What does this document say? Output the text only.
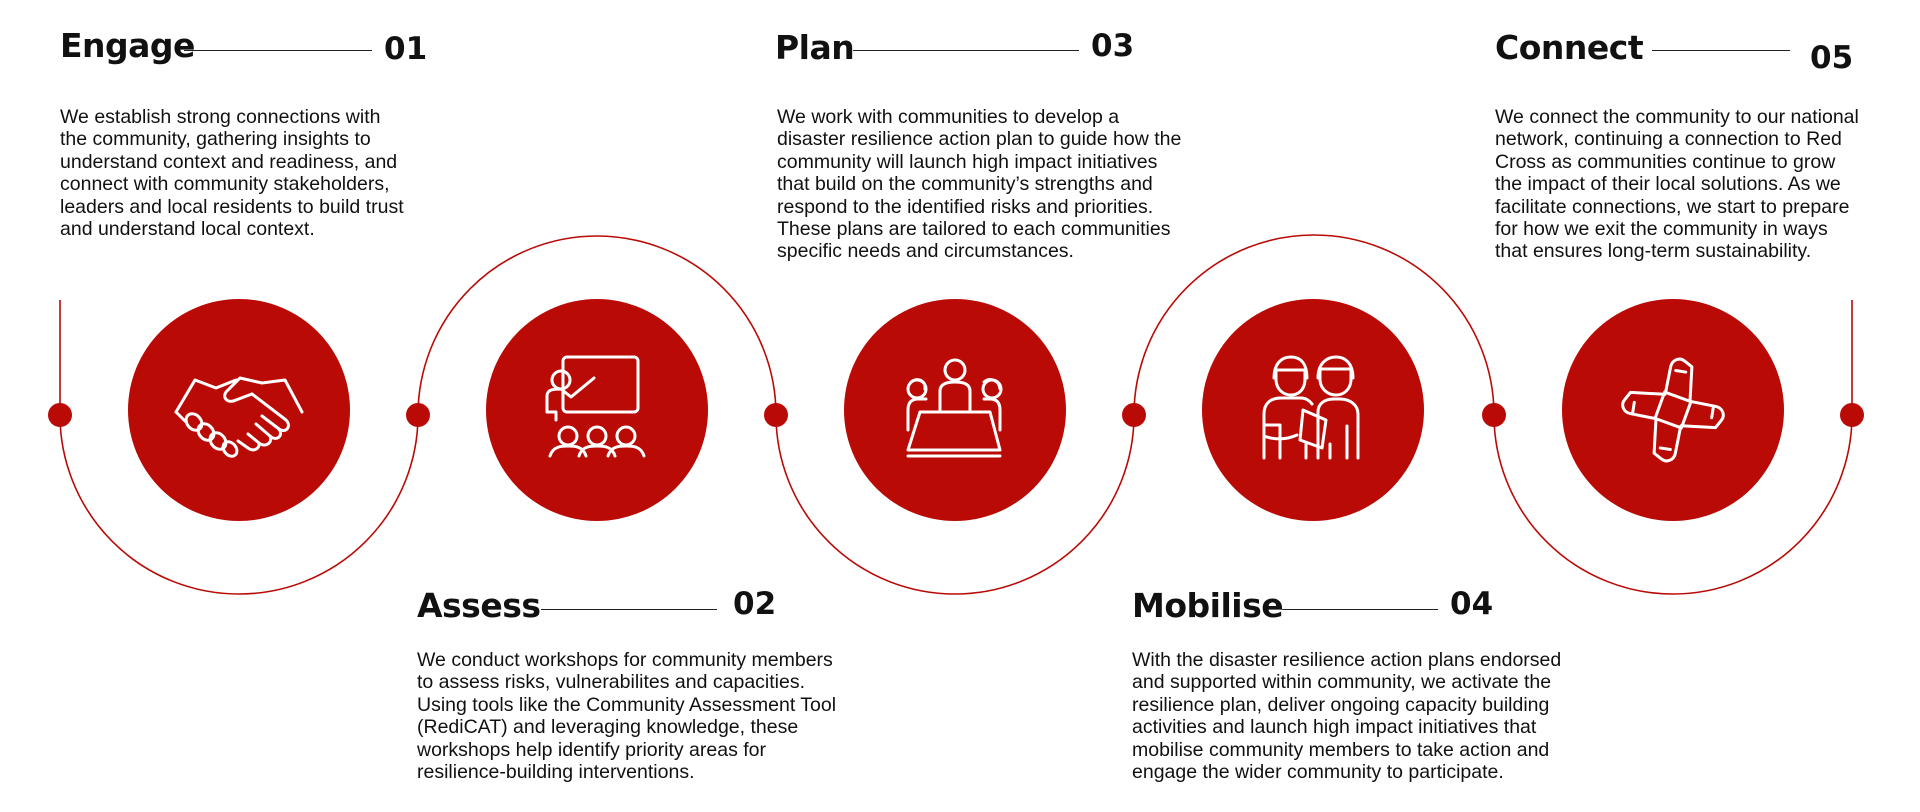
Engage	01

We establish strong connections with
the community, gathering insights to
understand context and readiness, and
connect with community stakeholders,
leaders and local residents to build trust
and understand local context.

Assess	02

We conduct workshops for community members
to assess risks, vulnerabilites and capacities.
Using tools like the Community Assessment Tool
(RediCAT) and leveraging knowledge, these
workshops help identify priority areas for
resilience-building interventions.

Plan	03

We work with communities to develop a
disaster resilience action plan to guide how the
community will launch high impact initiatives
that build on the community’s strengths and
respond to the identified risks and priorities.
These plans are tailored to each communities
specific needs and circumstances.

Mobilise	04

With the disaster resilience action plans endorsed
and supported within community, we activate the
resilience plan, deliver ongoing capacity building
activities and launch high impact initiatives that
mobilise community members to take action and
engage the wider community to participate.

Connect	05

We connect the community to our national
network, continuing a connection to Red
Cross as communities continue to grow
the impact of their local solutions. As we
facilitate connections, we start to prepare
for how we exit the community in ways
that ensures long-term sustainability.
